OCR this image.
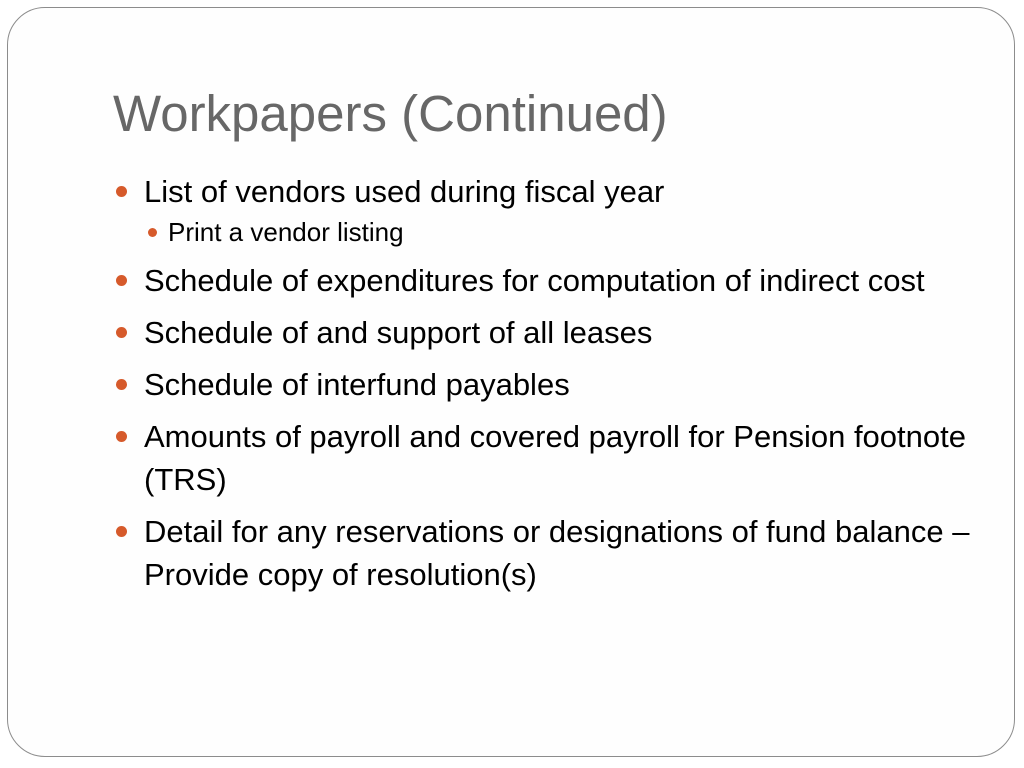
Workpapers (Continued)
List of vendors used during fiscal year
Print a vendor listing
Schedule of expenditures for computation of indirect cost
Schedule of and support of all leases
Schedule of interfund payables
Amounts of payroll and covered payroll for Pension footnote (TRS)
Detail for any reservations or designations of fund balance – Provide copy of resolution(s)
